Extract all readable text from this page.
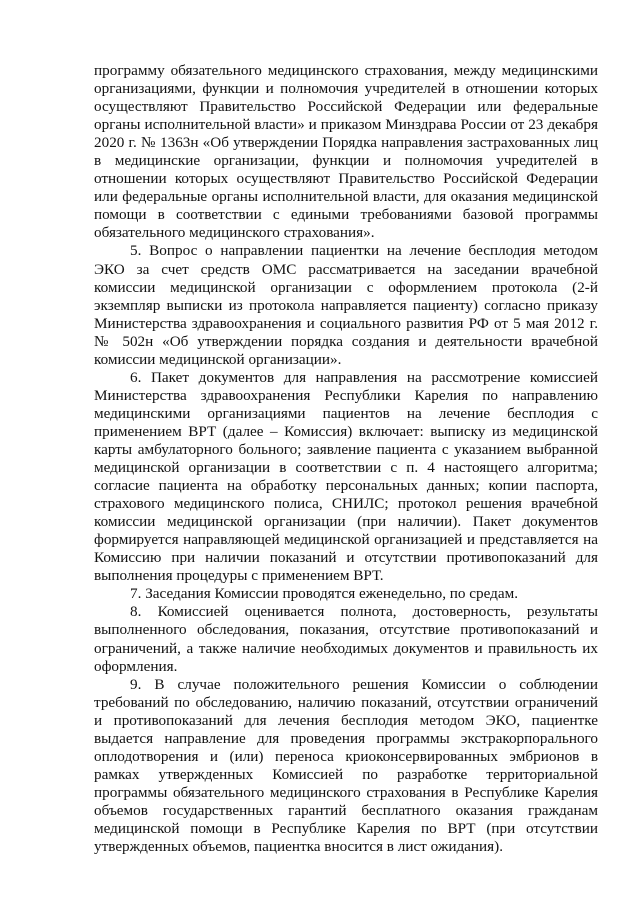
программу обязательного медицинского страхования, между медицинскими организациями, функции и полномочия учредителей в отношении которых осуществляют Правительство Российской Федерации или федеральные органы исполнительной власти» и приказом Минздрава России от 23 декабря 2020 г. № 1363н «Об утверждении Порядка направления застрахованных лиц в медицинские организации, функции и полномочия учредителей в отношении которых осуществляют Правительство Российской Федерации или федеральные органы исполнительной власти, для оказания медицинской помощи в соответствии с едиными требованиями базовой программы обязательного медицинского страхования».

5. Вопрос о направлении пациентки на лечение бесплодия методом ЭКО за счет средств ОМС рассматривается на заседании врачебной комиссии медицинской организации с оформлением протокола (2-й экземпляр выписки из протокола направляется пациенту) согласно приказу Министерства здравоохранения и социального развития РФ от 5 мая 2012 г. № 502н «Об утверждении порядка создания и деятельности врачебной комиссии медицинской организации».

6. Пакет документов для направления на рассмотрение комиссией Министерства здравоохранения Республики Карелия по направлению медицинскими организациями пациентов на лечение бесплодия с применением ВРТ (далее – Комиссия) включает: выписку из медицинской карты амбулаторного больного; заявление пациента с указанием выбранной медицинской организации в соответствии с п. 4 настоящего алгоритма; согласие пациента на обработку персональных данных; копии паспорта, страхового медицинского полиса, СНИЛС; протокол решения врачебной комиссии медицинской организации (при наличии). Пакет документов формируется направляющей медицинской организацией и представляется на Комиссию при наличии показаний и отсутствии противопоказаний для выполнения процедуры с применением ВРТ.

7. Заседания Комиссии проводятся еженедельно, по средам.

8. Комиссией оценивается полнота, достоверность, результаты выполненного обследования, показания, отсутствие противопоказаний и ограничений, а также наличие необходимых документов и правильность их оформления.

9. В случае положительного решения Комиссии о соблюдении требований по обследованию, наличию показаний, отсутствии ограничений и противопоказаний для лечения бесплодия методом ЭКО, пациентке выдается направление для проведения программы экстракорпорального оплодотворения и (или) переноса криоконсервированных эмбрионов в рамках утвержденных Комиссией по разработке территориальной программы обязательного медицинского страхования в Республике Карелия объемов государственных гарантий бесплатного оказания гражданам медицинской помощи в Республике Карелия по ВРТ (при отсутствии утвержденных объемов, пациентка вносится в лист ожидания).
